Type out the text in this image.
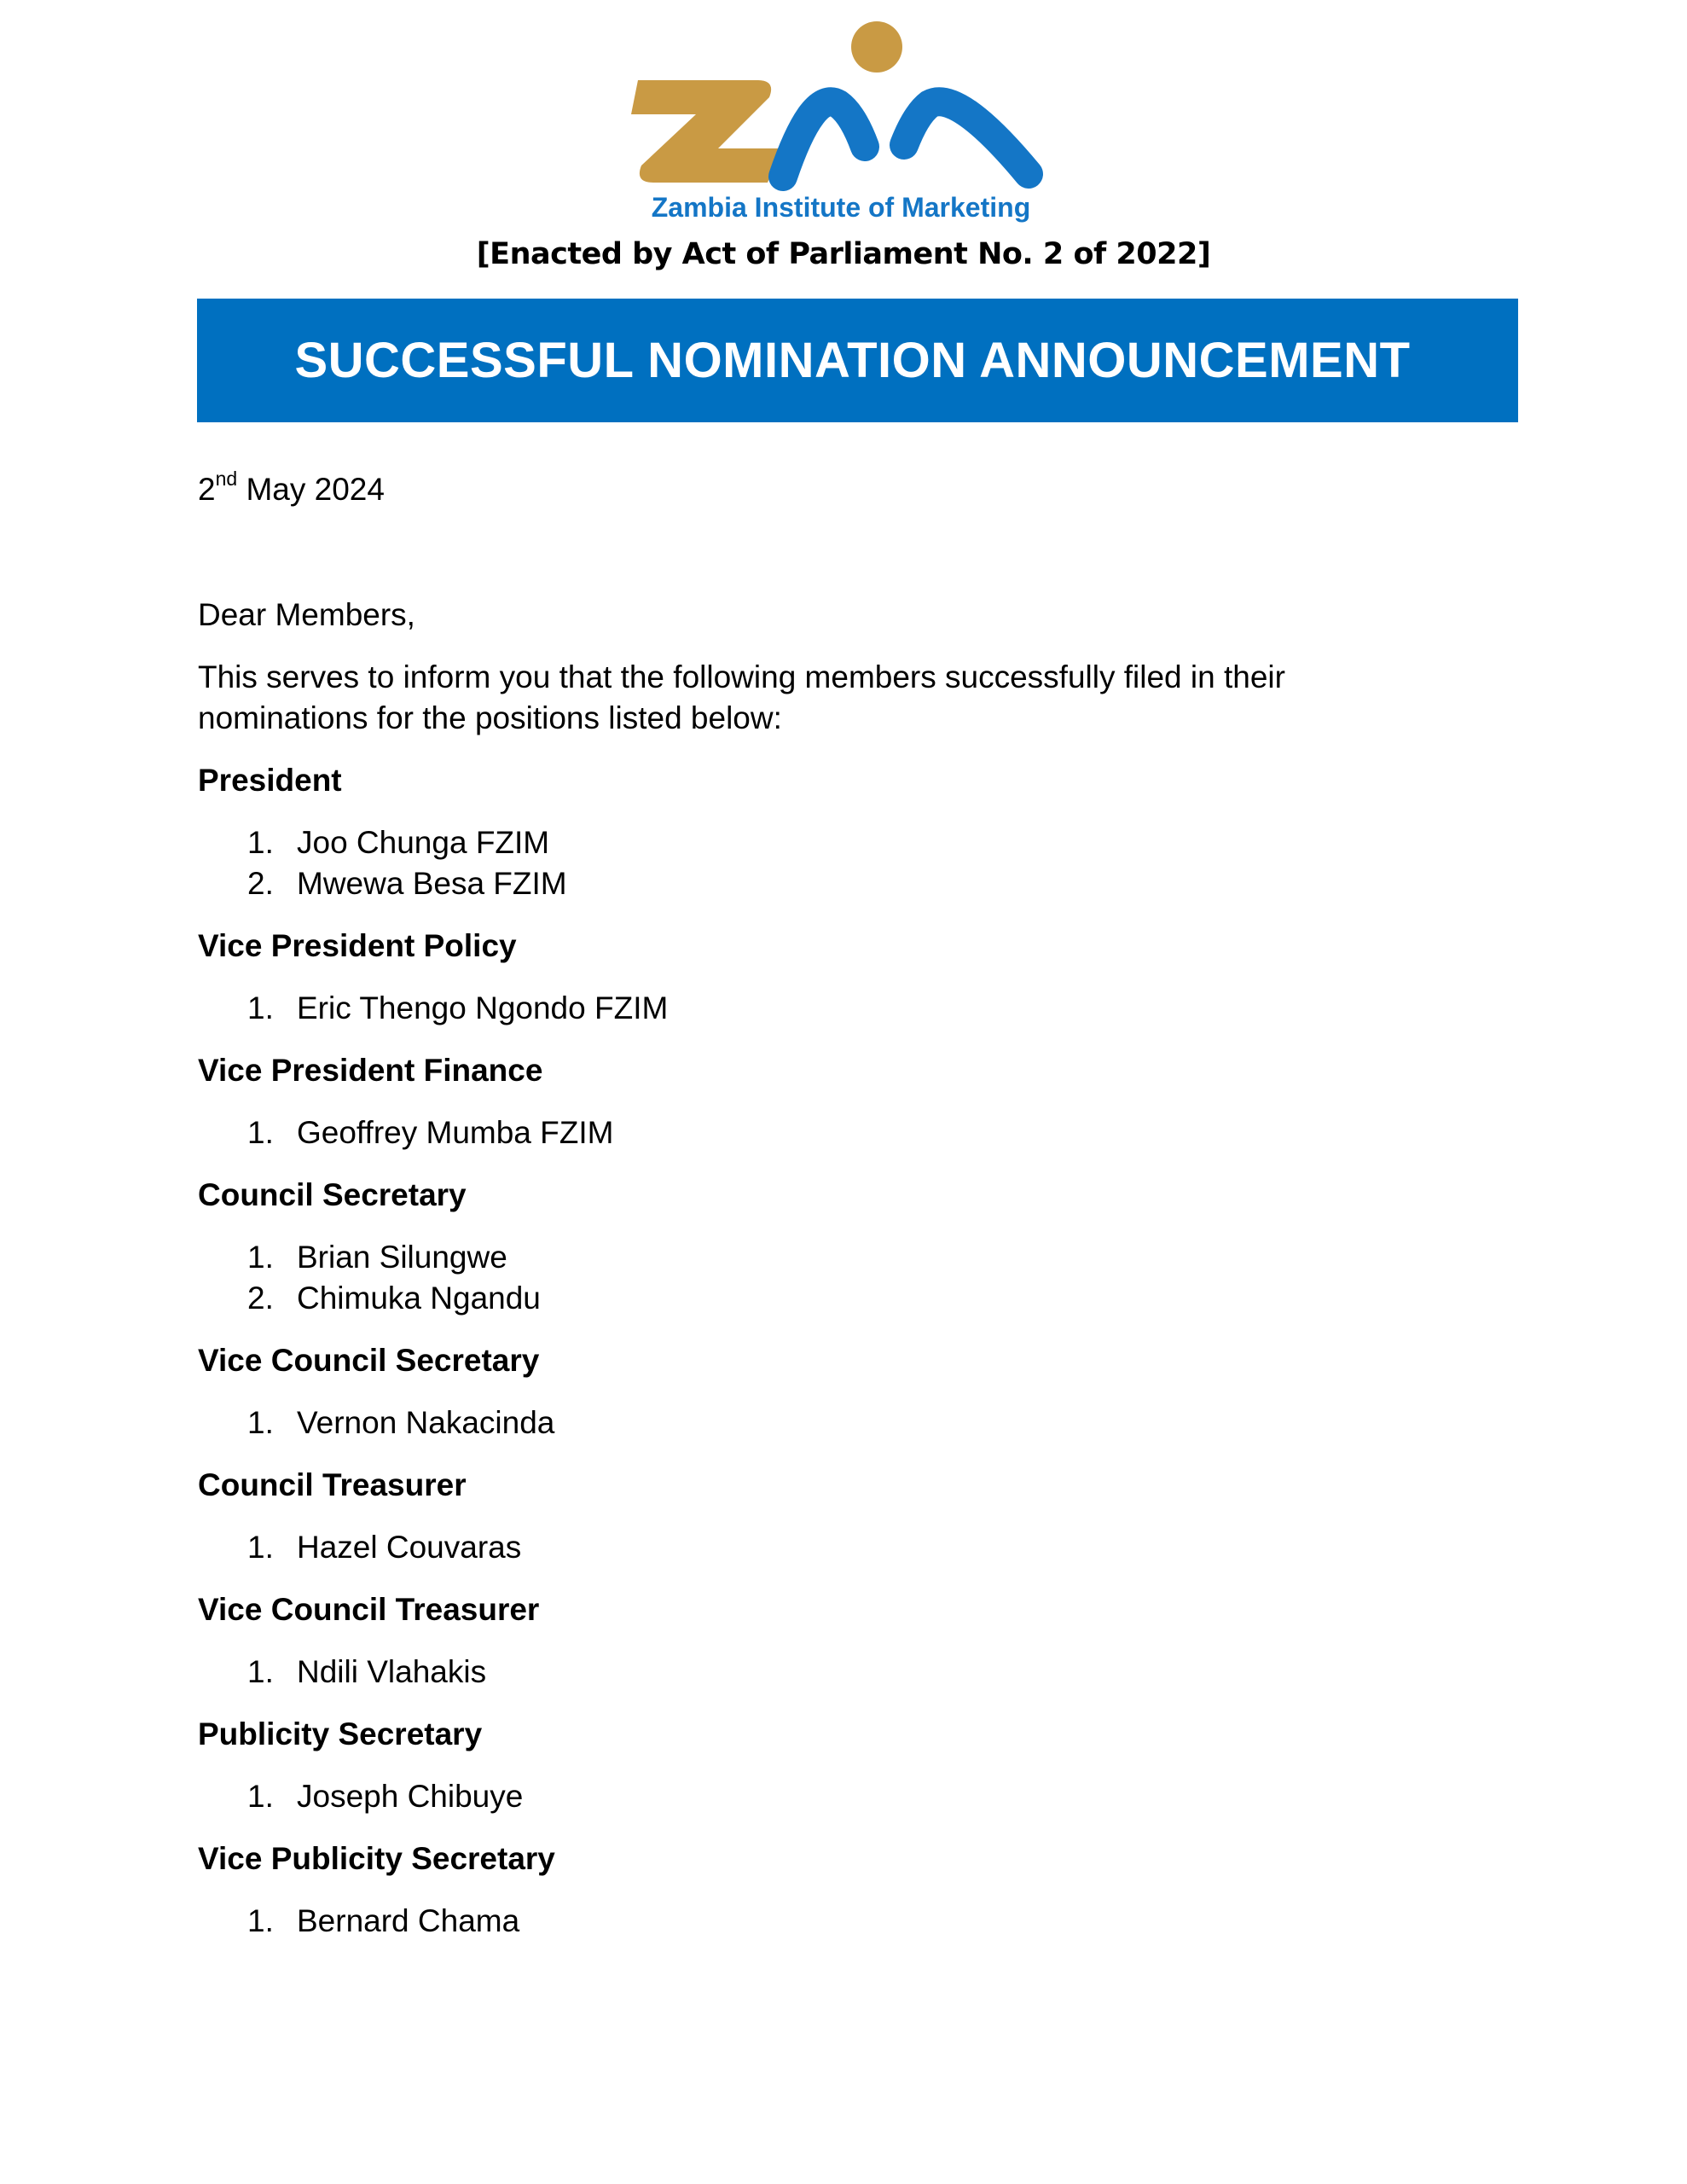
Zambia Institute of Marketing
[Enacted by Act of Parliament No. 2 of 2022]
SUCCESSFUL NOMINATION ANNOUNCEMENT

2nd May 2024

Dear Members,

This serves to inform you that the following members successfully filed in their nominations for the positions listed below:

President

1. Joo Chunga FZIM
2. Mwewa Besa FZIM

Vice President Policy

1. Eric Thengo Ngondo FZIM

Vice President Finance

1. Geoffrey Mumba FZIM

Council Secretary

1. Brian Silungwe
2. Chimuka Ngandu

Vice Council Secretary

1. Vernon Nakacinda

Council Treasurer

1. Hazel Couvaras

Vice Council Treasurer

1. Ndili Vlahakis

Publicity Secretary

1. Joseph Chibuye

Vice Publicity Secretary

1. Bernard Chama
